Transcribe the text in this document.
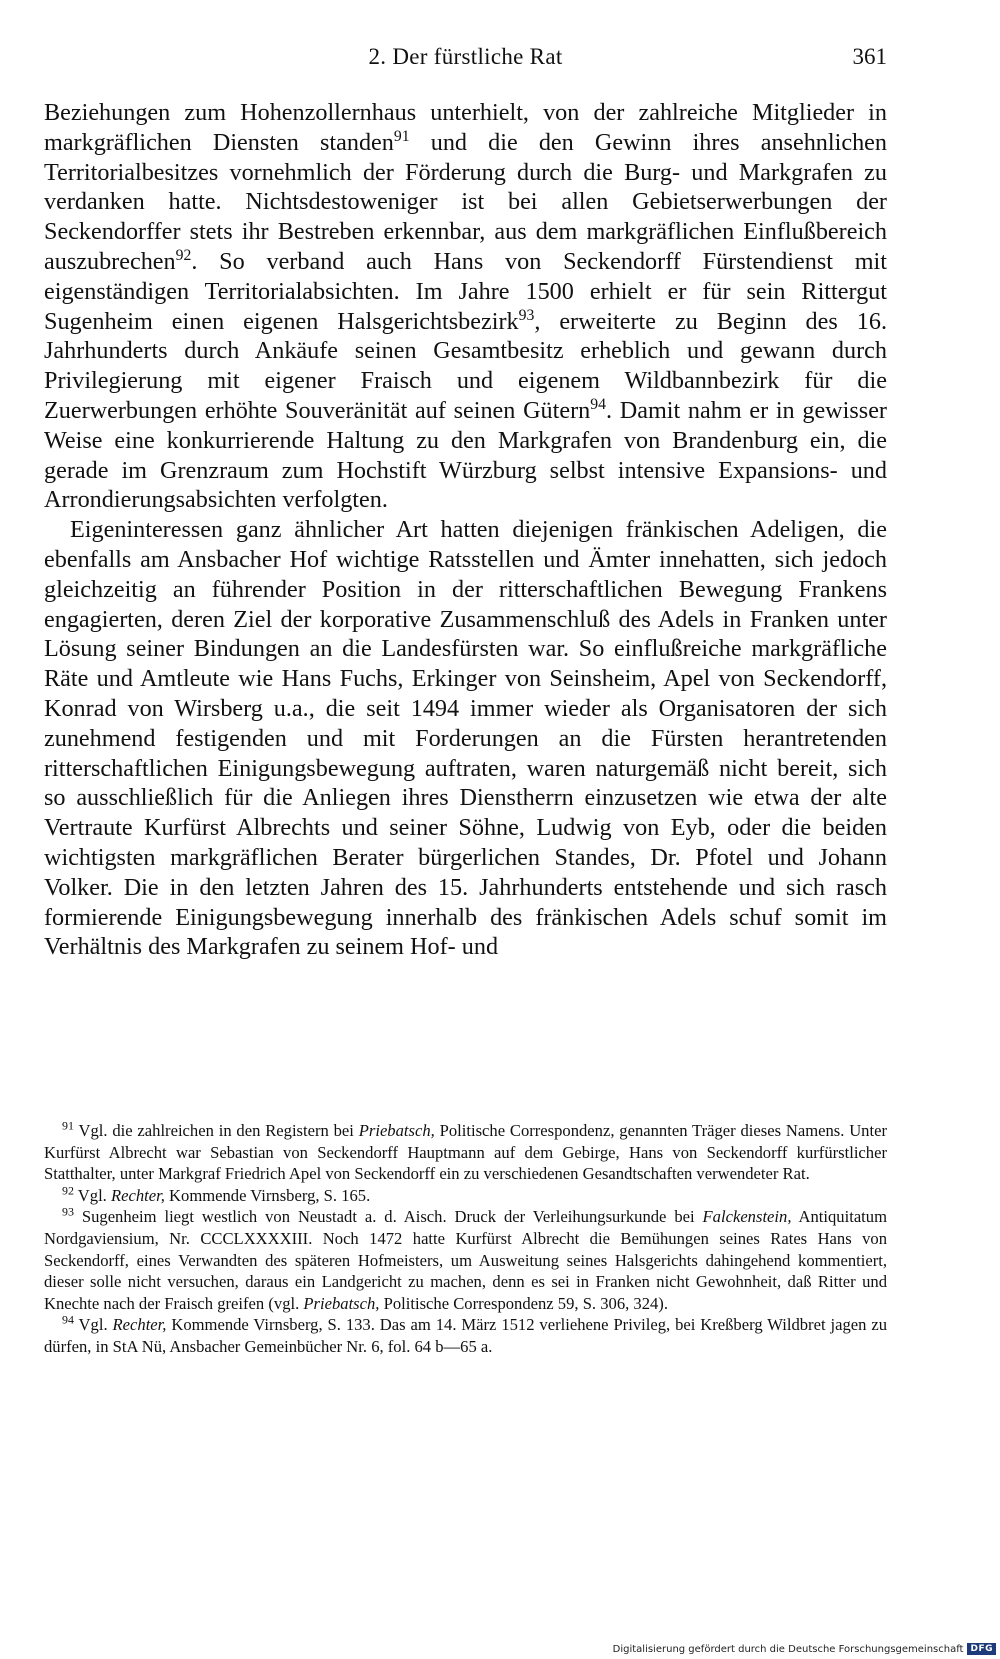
2. Der fürstliche Rat	361

Beziehungen zum Hohenzollernhaus unterhielt, von der zahlreiche Mitglieder in markgräflichen Diensten standen$^{91}$ und die den Gewinn ihres ansehnlichen Territorialbesitzes vornehmlich der Förderung durch die Burg- und Markgrafen zu verdanken hatte. Nichtsdestoweniger ist bei allen Gebietserwerbungen der Seckendorffer stets ihr Bestreben erkennbar, aus dem markgräflichen Einflußbereich auszubrechen$^{92}$. So verband auch Hans von Seckendorff Fürstendienst mit eigenständigen Territorialabsichten. Im Jahre 1500 erhielt er für sein Rittergut Sugenheim einen eigenen Halsgerichtsbezirk$^{93}$, erweiterte zu Beginn des 16. Jahrhunderts durch Ankäufe seinen Gesamtbesitz erheblich und gewann durch Privilegierung mit eigener Fraisch und eigenem Wildbannbezirk für die Zuerwerbungen erhöhte Souveränität auf seinen Gütern$^{94}$. Damit nahm er in gewisser Weise eine konkurrierende Haltung zu den Markgrafen von Brandenburg ein, die gerade im Grenzraum zum Hochstift Würzburg selbst intensive Expansions- und Arrondierungsabsichten verfolgten.

Eigeninteressen ganz ähnlicher Art hatten diejenigen fränkischen Adeligen, die ebenfalls am Ansbacher Hof wichtige Ratsstellen und Ämter innehatten, sich jedoch gleichzeitig an führender Position in der ritterschaftlichen Bewegung Frankens engagierten, deren Ziel der korporative Zusammenschluß des Adels in Franken unter Lösung seiner Bindungen an die Landesfürsten war. So einflußreiche markgräfliche Räte und Amtleute wie Hans Fuchs, Erkinger von Seinsheim, Apel von Seckendorff, Konrad von Wirsberg u.a., die seit 1494 immer wieder als Organisatoren der sich zunehmend festigenden und mit Forderungen an die Fürsten herantretenden ritterschaftlichen Einigungsbewegung auftraten, waren naturgemäß nicht bereit, sich so ausschließlich für die Anliegen ihres Dienstherrn einzusetzen wie etwa der alte Vertraute Kurfürst Albrechts und seiner Söhne, Ludwig von Eyb, oder die beiden wichtigsten markgräflichen Berater bürgerlichen Standes, Dr. Pfotel und Johann Volker. Die in den letzten Jahren des 15. Jahrhunderts entstehende und sich rasch formierende Einigungsbewegung innerhalb des fränkischen Adels schuf somit im Verhältnis des Markgrafen zu seinem Hof- und

$^{91}$ Vgl. die zahlreichen in den Registern bei Priebatsch, Politische Correspondenz, genannten Träger dieses Namens. Unter Kurfürst Albrecht war Sebastian von Seckendorff Hauptmann auf dem Gebirge, Hans von Seckendorff kurfürstlicher Statthalter, unter Markgraf Friedrich Apel von Seckendorff ein zu verschiedenen Gesandtschaften verwendeter Rat.

$^{92}$ Vgl. Rechter, Kommende Virnsberg, S. 165.

$^{93}$ Sugenheim liegt westlich von Neustadt a. d. Aisch. Druck der Verleihungsurkunde bei Falckenstein, Antiquitatum Nordgaviensium, Nr. CCCLXXXXIII. Noch 1472 hatte Kurfürst Albrecht die Bemühungen seines Rates Hans von Seckendorff, eines Verwandten des späteren Hofmeisters, um Ausweitung seines Halsgerichts dahingehend kommentiert, dieser solle nicht versuchen, daraus ein Landgericht zu machen, denn es sei in Franken nicht Gewohnheit, daß Ritter und Knechte nach der Fraisch greifen (vgl. Priebatsch, Politische Correspondenz 59, S. 306, 324).

$^{94}$ Vgl. Rechter, Kommende Virnsberg, S. 133. Das am 14. März 1512 verliehene Privileg, bei Kreßberg Wildbret jagen zu dürfen, in StA Nü, Ansbacher Gemeinbücher Nr. 6, fol. 64 b—65 a.

Digitalisierung gefördert durch die Deutsche Forschungsgemeinschaft DFG
